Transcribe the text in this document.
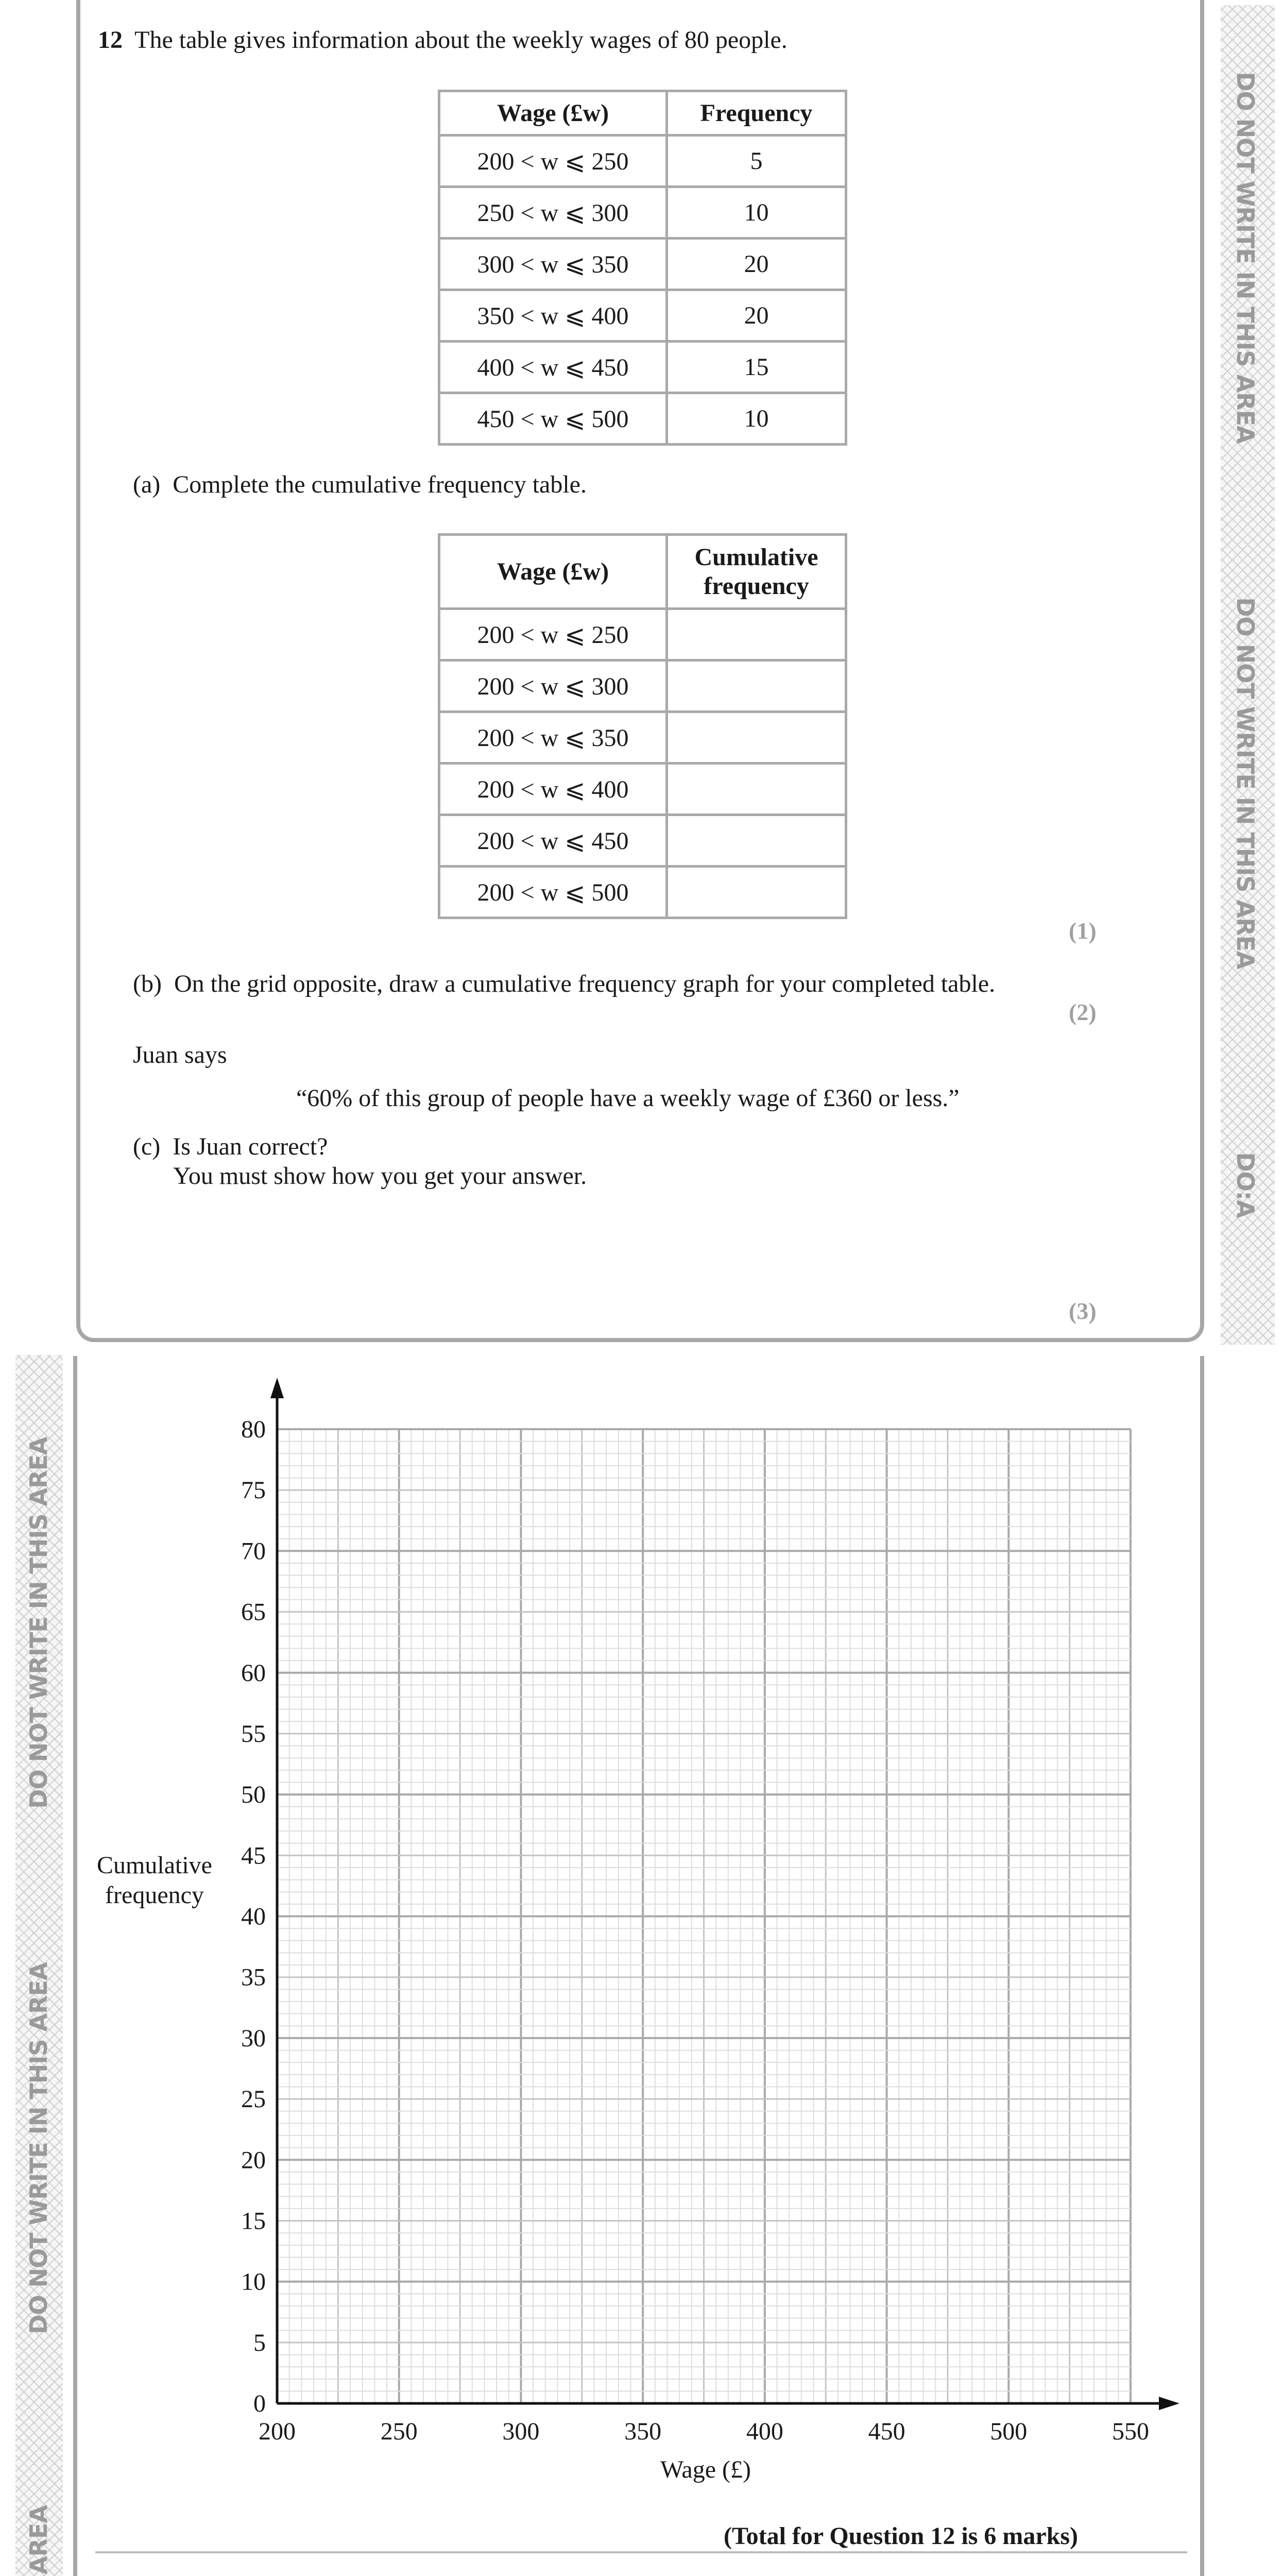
DO NOT WRITE IN THIS AREA
DO NOT WRITE IN THIS AREA
DO:A
12 The table gives information about the weekly wages of 80 people.
Wage (£w)	Frequency
200 < w ⩽ 250	5
250 < w ⩽ 300	10
300 < w ⩽ 350	20
350 < w ⩽ 400	20
400 < w ⩽ 450	15
450 < w ⩽ 500	10
(a) Complete the cumulative frequency table.
Wage (£w)	Cumulative frequency
200 < w ⩽ 250	
200 < w ⩽ 300	
200 < w ⩽ 350	
200 < w ⩽ 400	
200 < w ⩽ 450	
200 < w ⩽ 500	
(1)
(b) On the grid opposite, draw a cumulative frequency graph for your completed table.
(2)
Juan says
“60% of this group of people have a weekly wage of £360 or less.”
(c) Is Juan correct?
You must show how you get your answer.
(3)
DO NOT WRITE IN THIS AREA
DO NOT WRITE IN THIS AREA
AREA
200	250	300	350	400	450	500	550
0
5
10
15
20
25
30
35
40
45
50
55
60
65
70
75
80
Cumulative frequency
Wage (£)
(Total for Question 12 is 6 marks)
